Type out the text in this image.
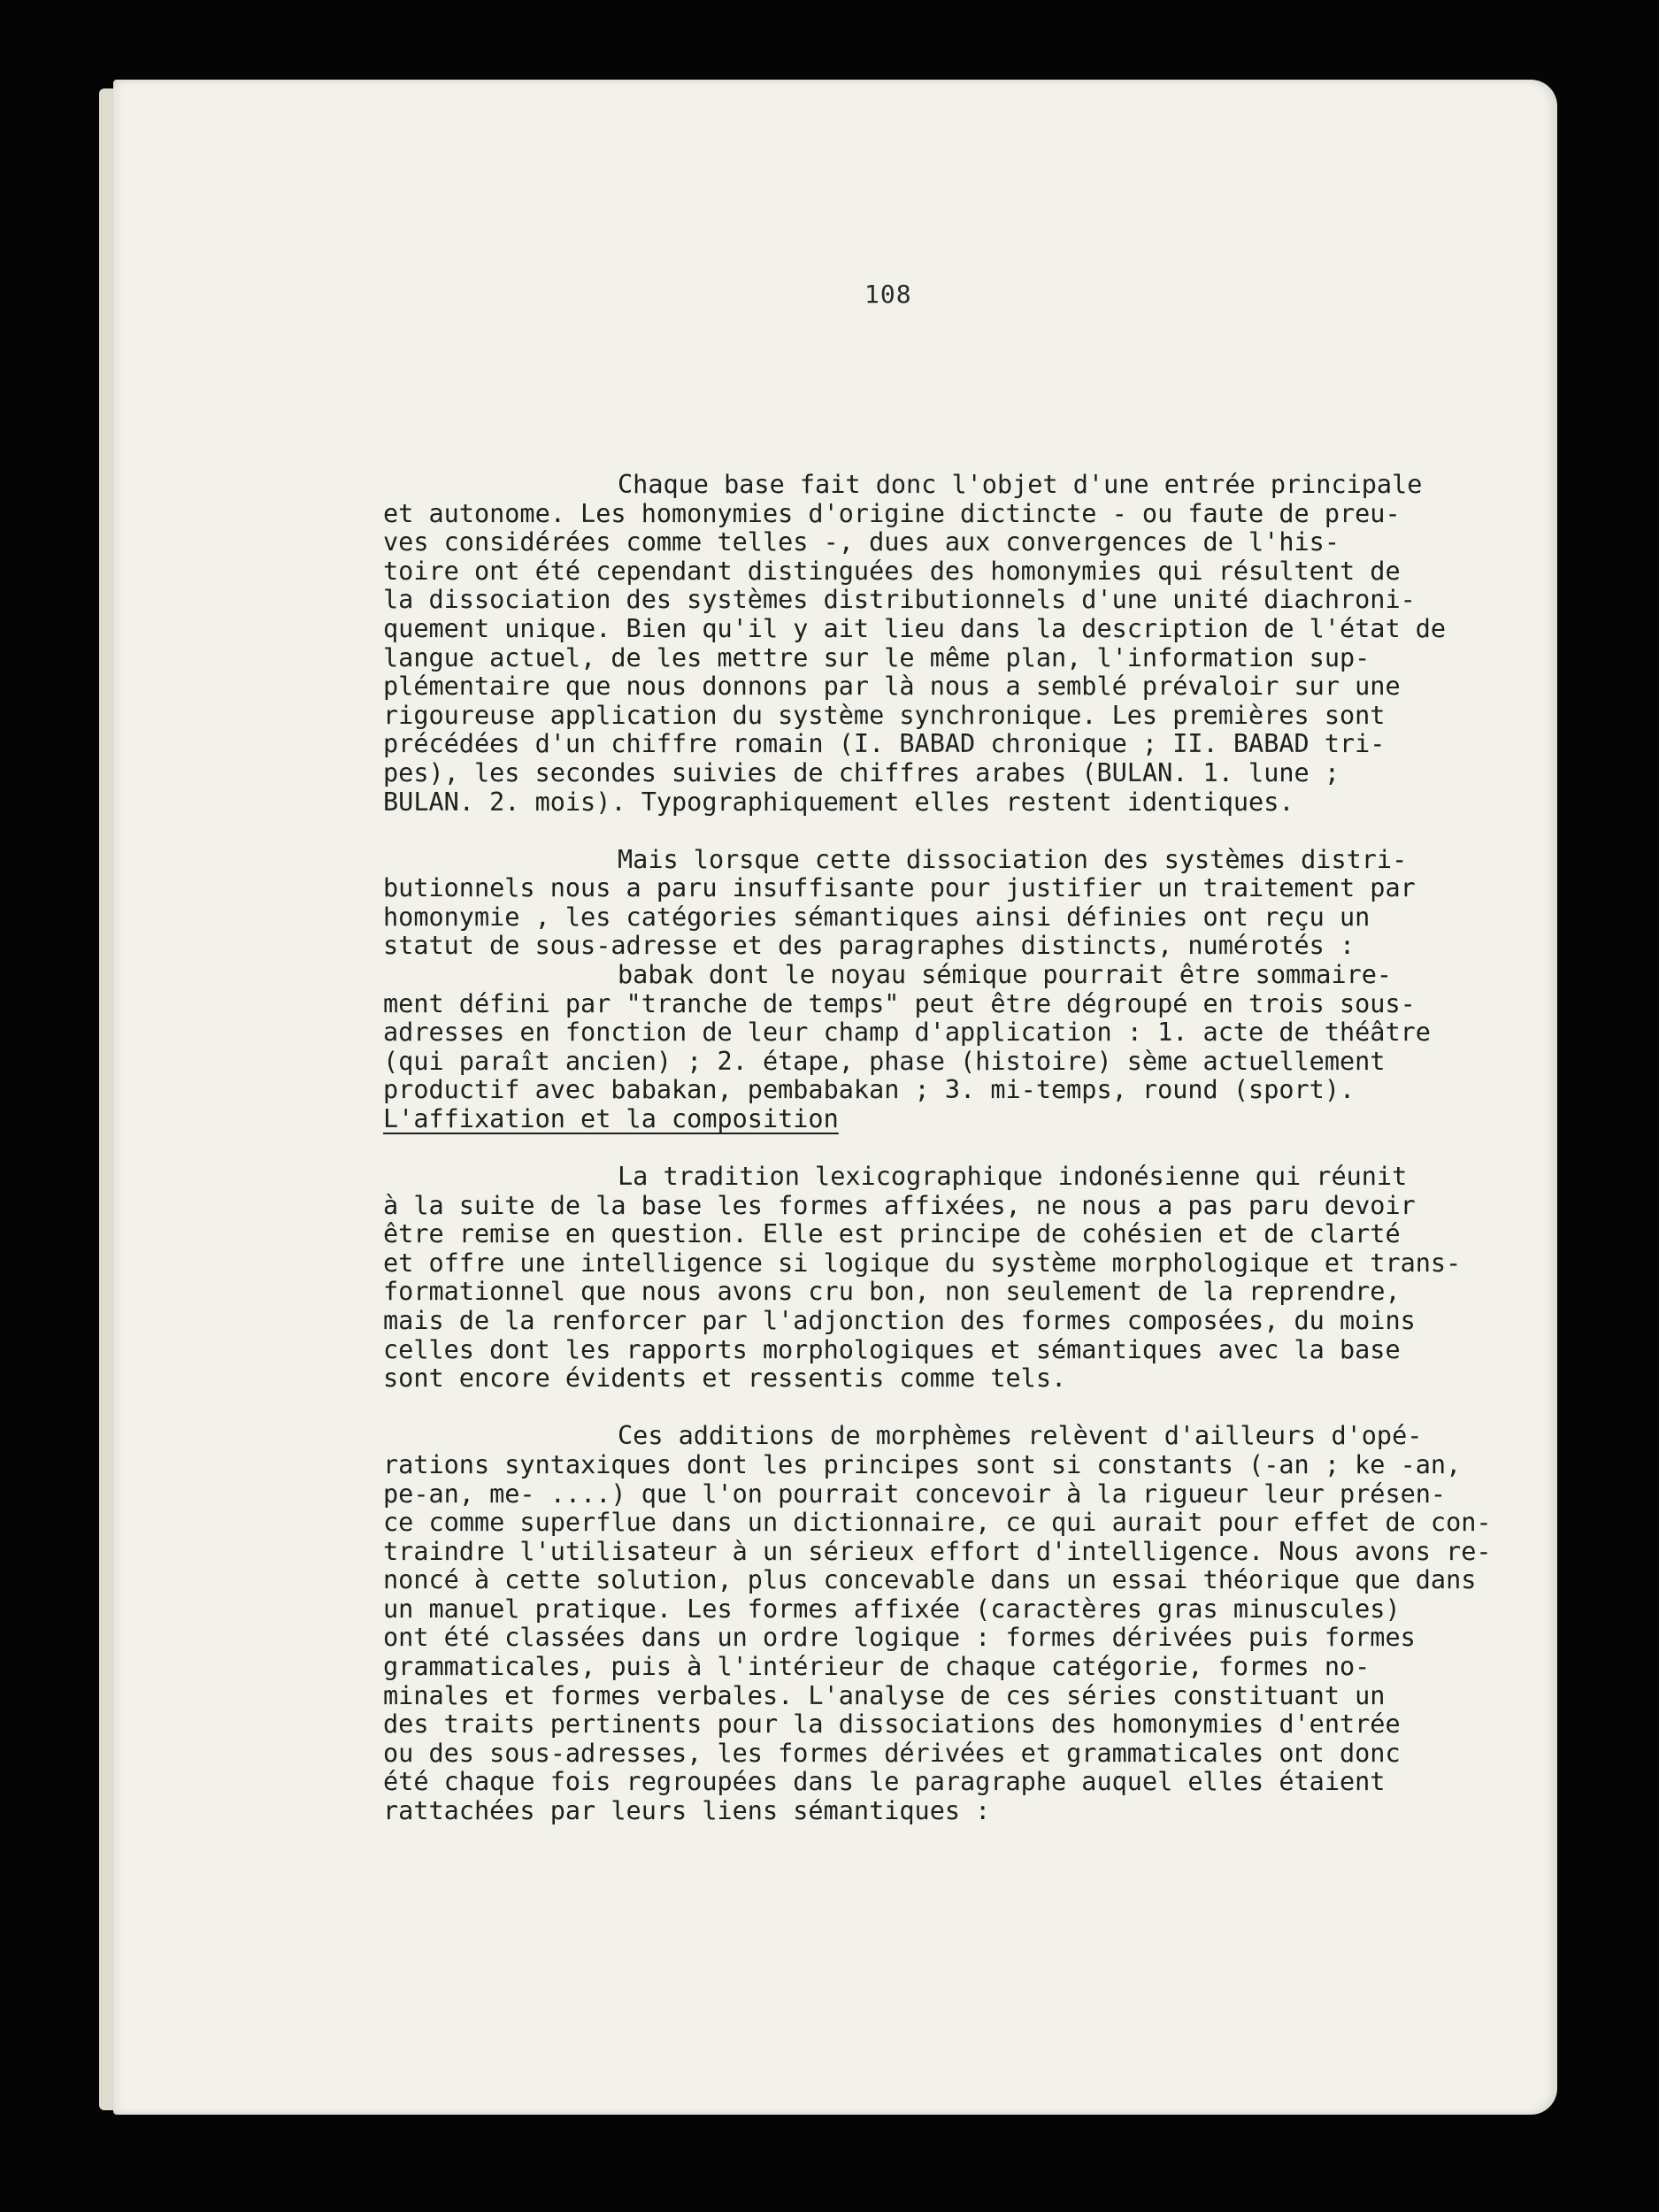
108

Chaque base fait donc l'objet d'une entrée principale
et autonome. Les homonymies d'origine dictincte - ou faute de preu-
ves considérées comme telles -, dues aux convergences de l'his-
toire ont été cependant distinguées des homonymies qui résultent de
la dissociation des systèmes distributionnels d'une unité diachroni-
quement unique. Bien qu'il y ait lieu dans la description de l'état de
langue actuel, de les mettre sur le même plan, l'information sup-
plémentaire que nous donnons par là nous a semblé prévaloir sur une
rigoureuse application du système synchronique. Les premières sont
précédées d'un chiffre romain (I. BABAD chronique ; II. BABAD tri-
pes), les secondes suivies de chiffres arabes (BULAN. 1. lune ;
BULAN. 2. mois). Typographiquement elles restent identiques.

Mais lorsque cette dissociation des systèmes distri-
butionnels nous a paru insuffisante pour justifier un traitement par
homonymie , les catégories sémantiques ainsi définies ont reçu un
statut de sous-adresse et des paragraphes distincts, numérotés :
babak dont le noyau sémique pourrait être sommaire-
ment défini par "tranche de temps" peut être dégroupé en trois sous-
adresses en fonction de leur champ d'application : 1. acte de théâtre
(qui paraît ancien) ; 2. étape, phase (histoire) sème actuellement
productif avec babakan, pembabakan ; 3. mi-temps, round (sport).

L'affixation et la composition

La tradition lexicographique indonésienne qui réunit
à la suite de la base les formes affixées, ne nous a pas paru devoir
être remise en question. Elle est principe de cohésien et de clarté
et offre une intelligence si logique du système morphologique et trans-
formationnel que nous avons cru bon, non seulement de la reprendre,
mais de la renforcer par l'adjonction des formes composées, du moins
celles dont les rapports morphologiques et sémantiques avec la base
sont encore évidents et ressentis comme tels.

Ces additions de morphèmes relèvent d'ailleurs d'opé-
rations syntaxiques dont les principes sont si constants (-an ; ke -an,
pe-an, me- ....) que l'on pourrait concevoir à la rigueur leur présen-
ce comme superflue dans un dictionnaire, ce qui aurait pour effet de con-
traindre l'utilisateur à un sérieux effort d'intelligence. Nous avons re-
noncé à cette solution, plus concevable dans un essai théorique que dans
un manuel pratique. Les formes affixée (caractères gras minuscules)
ont été classées dans un ordre logique : formes dérivées puis formes
grammaticales, puis à l'intérieur de chaque catégorie, formes no-
minales et formes verbales. L'analyse de ces séries constituant un
des traits pertinents pour la dissociations des homonymies d'entrée
ou des sous-adresses, les formes dérivées et grammaticales ont donc
été chaque fois regroupées dans le paragraphe auquel elles étaient
rattachées par leurs liens sémantiques :
